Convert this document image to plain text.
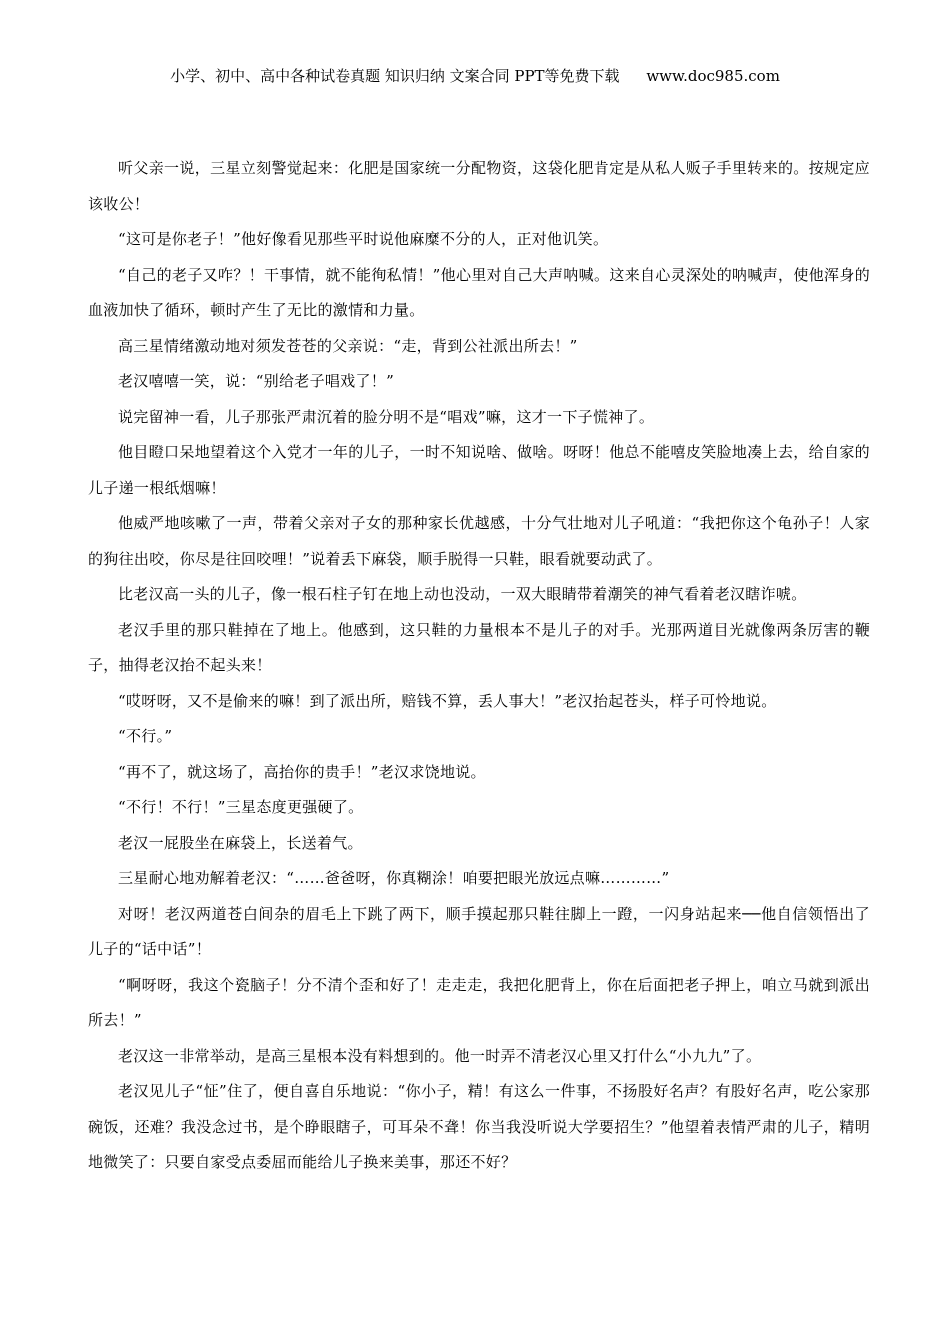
小学、初中、高中各种试卷真题 知识归纳 文案合同 PPT等免费下载 www.doc985.com

听父亲一说，三星立刻警觉起来：化肥是国家统一分配物资，这袋化肥肯定是从私人贩子手里转来的。按规定应该收公！

“这可是你老子！”他好像看见那些平时说他麻糜不分的人，正对他讥笑。

“自己的老子又咋？！干事情，就不能徇私情！”他心里对自己大声呐喊。这来自心灵深处的呐喊声，使他浑身的血液加快了循环，顿时产生了无比的激情和力量。

高三星情绪激动地对须发苍苍的父亲说：“走，背到公社派出所去！”

老汉嘻嘻一笑，说：“别给老子唱戏了！”

说完留神一看，儿子那张严肃沉着的脸分明不是“唱戏”嘛，这才一下子慌神了。

他目瞪口呆地望着这个入党才一年的儿子，一时不知说啥、做啥。呀呀！他总不能嘻皮笑脸地凑上去，给自家的儿子递一根纸烟嘛！

他威严地咳嗽了一声，带着父亲对子女的那种家长优越感，十分气壮地对儿子吼道：“我把你这个龟孙子！人家的狗往出咬，你尽是往回咬哩！”说着丢下麻袋，顺手脱得一只鞋，眼看就要动武了。

比老汉高一头的儿子，像一根石柱子钉在地上动也没动，一双大眼睛带着潮笑的神气看着老汉瞎诈唬。

老汉手里的那只鞋掉在了地上。他感到，这只鞋的力量根本不是儿子的对手。光那两道目光就像两条厉害的鞭子，抽得老汉抬不起头来！

“哎呀呀，又不是偷来的嘛！到了派出所，赔钱不算，丢人事大！”老汉抬起苍头，样子可怜地说。

“不行。”

“再不了，就这场了，高抬你的贵手！”老汉求饶地说。

“不行！不行！”三星态度更强硬了。

老汉一屁股坐在麻袋上，长送着气。

三星耐心地劝解着老汉：“……爸爸呀，你真糊涂！咱要把眼光放远点嘛…………”

对呀！老汉两道苍白间杂的眉毛上下跳了两下，顺手摸起那只鞋往脚上一蹬，一闪身站起来──他自信领悟出了儿子的“话中话”！

“啊呀呀，我这个瓷脑子！分不清个歪和好了！走走走，我把化肥背上，你在后面把老子押上，咱立马就到派出所去！”

老汉这一非常举动，是高三星根本没有料想到的。他一时弄不清老汉心里又打什么“小九九”了。

老汉见儿子“怔”住了，便自喜自乐地说：“你小子，精！有这么一件事，不扬股好名声？有股好名声，吃公家那碗饭，还难？我没念过书，是个睁眼瞎子，可耳朵不聋！你当我没听说大学要招生？”他望着表情严肃的儿子，精明地微笑了：只要自家受点委屈而能给儿子换来美事，那还不好？
